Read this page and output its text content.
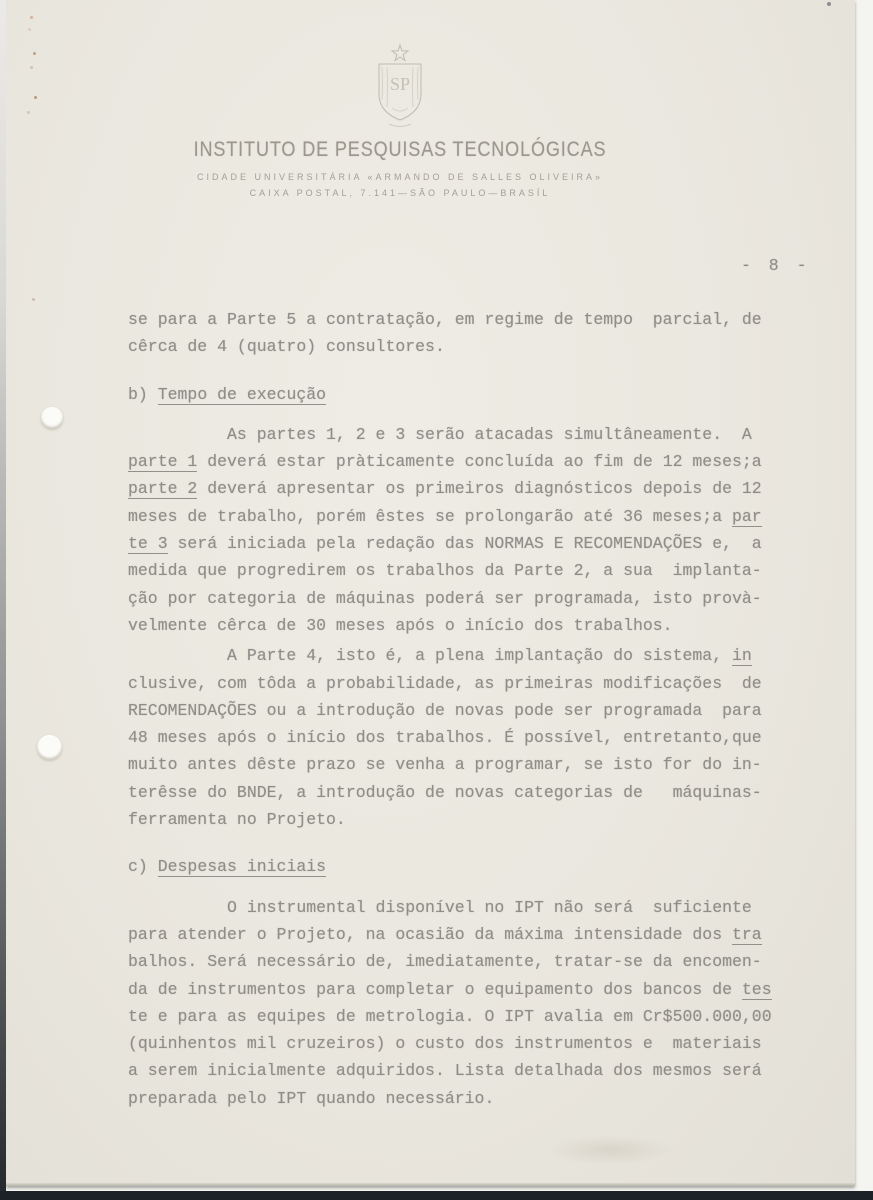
SP
INSTITUTO DE PESQUISAS TECNOLÓGICAS
CIDADE UNIVERSITÁRIA «ARMANDO DE SALLES OLIVEIRA»
CAIXA POSTAL, 7.141—SÃO PAULO—BRASÍL
- 8 -
se para a Parte 5 a contratação, em regime de tempo  parcial, de
cêrca de 4 (quatro) consultores.
b) Tempo de execução
As partes 1, 2 e 3 serão atacadas simultâneamente.  A
parte 1 deverá estar pràticamente concluída ao fim de 12 meses;a
parte 2 deverá apresentar os primeiros diagnósticos depois de 12
meses de trabalho, porém êstes se prolongarão até 36 meses;a par
te 3 será iniciada pela redação das NORMAS E RECOMENDAÇÕES e,  a
medida que progredirem os trabalhos da Parte 2, a sua  implanta-
ção por categoria de máquinas poderá ser programada, isto provà-
velmente cêrca de 30 meses após o início dos trabalhos.
A Parte 4, isto é, a plena implantação do sistema, in
clusive, com tôda a probabilidade, as primeiras modificações  de
RECOMENDAÇÕES ou a introdução de novas pode ser programada  para
48 meses após o início dos trabalhos. É possível, entretanto,que
muito antes dêste prazo se venha a programar, se isto for do in-
terêsse do BNDE, a introdução de novas categorias de   máquinas-
ferramenta no Projeto.
c) Despesas iniciais
O instrumental disponível no IPT não será  suficiente
para atender o Projeto, na ocasião da máxima intensidade dos tra
balhos. Será necessário de, imediatamente, tratar-se da encomen-
da de instrumentos para completar o equipamento dos bancos de tes
te e para as equipes de metrologia. O IPT avalia em Cr$500.000,00
(quinhentos mil cruzeiros) o custo dos instrumentos e  materiais
a serem inicialmente adquiridos. Lista detalhada dos mesmos será
preparada pelo IPT quando necessário.
